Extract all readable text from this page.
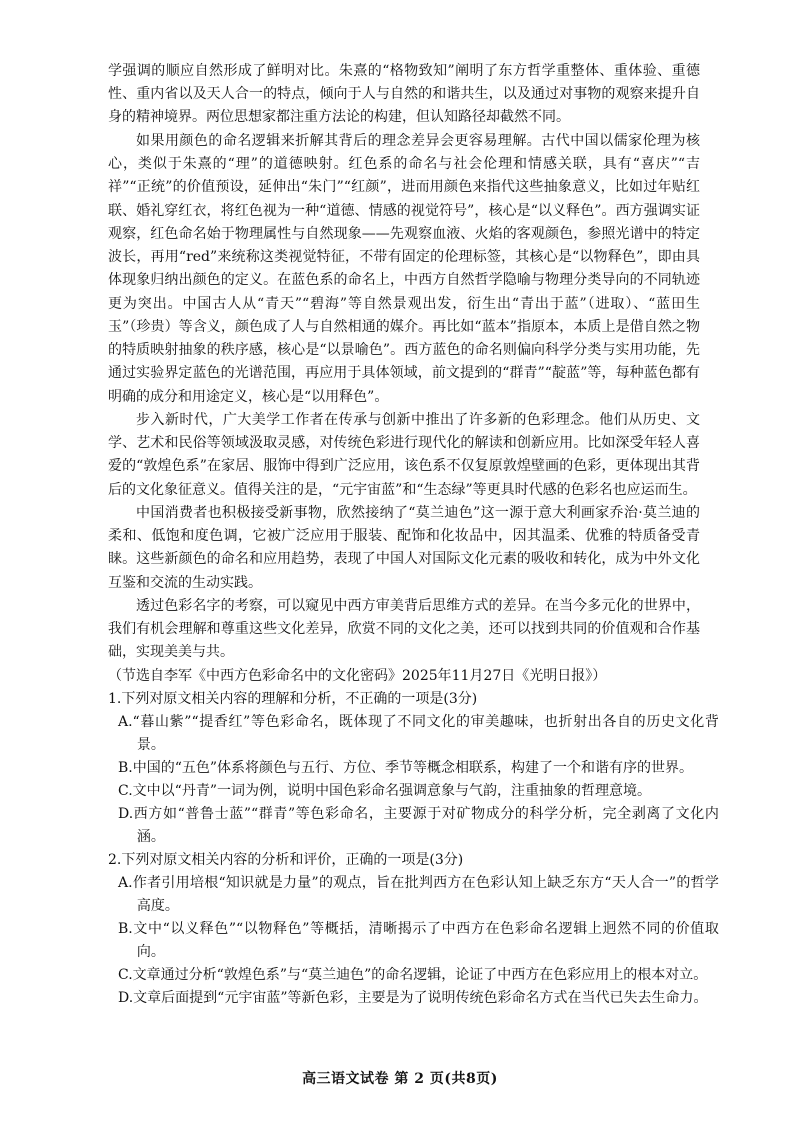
学强调的顺应自然形成了鲜明对比。朱熹的“格物致知”阐明了东方哲学重整体、重体验、重德性、重内省以及天人合一的特点，倾向于人与自然的和谐共生，以及通过对事物的观察来提升自身的精神境界。两位思想家都注重方法论的构建，但认知路径却截然不同。

如果用颜色的命名逻辑来折解其背后的理念差异会更容易理解。古代中国以儒家伦理为核心，类似于朱熹的“理”的道德映射。红色系的命名与社会伦理和情感关联，具有“喜庆”“吉祥”“正统”的价值预设，延伸出“朱门”“红颜”，进而用颜色来指代这些抽象意义，比如过年贴红联、婚礼穿红衣，将红色视为一种“道德、情感的视觉符号”，核心是“以义释色”。西方强调实证观察，红色命名始于物理属性与自然现象——先观察血液、火焰的客观颜色，参照光谱中的特定波长，再用“red”来统称这类视觉特征，不带有固定的伦理标签，其核心是“以物释色”，即由具体现象归纳出颜色的定义。在蓝色系的命名上，中西方自然哲学隐喻与物理分类导向的不同轨迹更为突出。中国古人从“青天”“碧海”等自然景观出发，衍生出“青出于蓝”（进取）、“蓝田生玉”（珍贵）等含义，颜色成了人与自然相通的媒介。再比如“蓝本”指原本，本质上是借自然之物的特质映射抽象的秩序感，核心是“以景喻色”。西方蓝色的命名则偏向科学分类与实用功能，先通过实验界定蓝色的光谱范围，再应用于具体领域，前文提到的“群青”“靛蓝”等，每种蓝色都有明确的成分和用途定义，核心是“以用释色”。

步入新时代，广大美学工作者在传承与创新中推出了许多新的色彩理念。他们从历史、文学、艺术和民俗等领域汲取灵感，对传统色彩进行现代化的解读和创新应用。比如深受年轻人喜爱的“敦煌色系”在家居、服饰中得到广泛应用，该色系不仅复原敦煌壁画的色彩，更体现出其背后的文化象征意义。值得关注的是，“元宇宙蓝”和“生态绿”等更具时代感的色彩名也应运而生。

中国消费者也积极接受新事物，欣然接纳了“莫兰迪色”这一源于意大利画家乔治·莫兰迪的柔和、低饱和度色调，它被广泛应用于服装、配饰和化妆品中，因其温柔、优雅的特质备受青睐。这些新颜色的命名和应用趋势，表现了中国人对国际文化元素的吸收和转化，成为中外文化互鉴和交流的生动实践。

透过色彩名字的考察，可以窥见中西方审美背后思维方式的差异。在当今多元化的世界中，我们有机会理解和尊重这些文化差异，欣赏不同的文化之美，还可以找到共同的价值观和合作基础，实现美美与共。

（节选自李军《中西方色彩命名中的文化密码》2025年11月27日《光明日报》）

1.下列对原文相关内容的理解和分析，不正确的一项是(3分)

A.“暮山紫”“提香红”等色彩命名，既体现了不同文化的审美趣味，也折射出各自的历史文化背景。

B.中国的“五色”体系将颜色与五行、方位、季节等概念相联系，构建了一个和谐有序的世界。

C.文中以“丹青”一词为例，说明中国色彩命名强调意象与气韵，注重抽象的哲理意境。

D.西方如“普鲁士蓝”“群青”等色彩命名，主要源于对矿物成分的科学分析，完全剥离了文化内涵。

2.下列对原文相关内容的分析和评价，正确的一项是(3分)

A.作者引用培根“知识就是力量”的观点，旨在批判西方在色彩认知上缺乏东方“天人合一”的哲学高度。

B.文中“以义释色”“以物释色”等概括，清晰揭示了中西方在色彩命名逻辑上迥然不同的价值取向。

C.文章通过分析“敦煌色系”与“莫兰迪色”的命名逻辑，论证了中西方在色彩应用上的根本对立。

D.文章后面提到“元宇宙蓝”等新色彩，主要是为了说明传统色彩命名方式在当代已失去生命力。

高三语文试卷 第 2 页(共8页)
